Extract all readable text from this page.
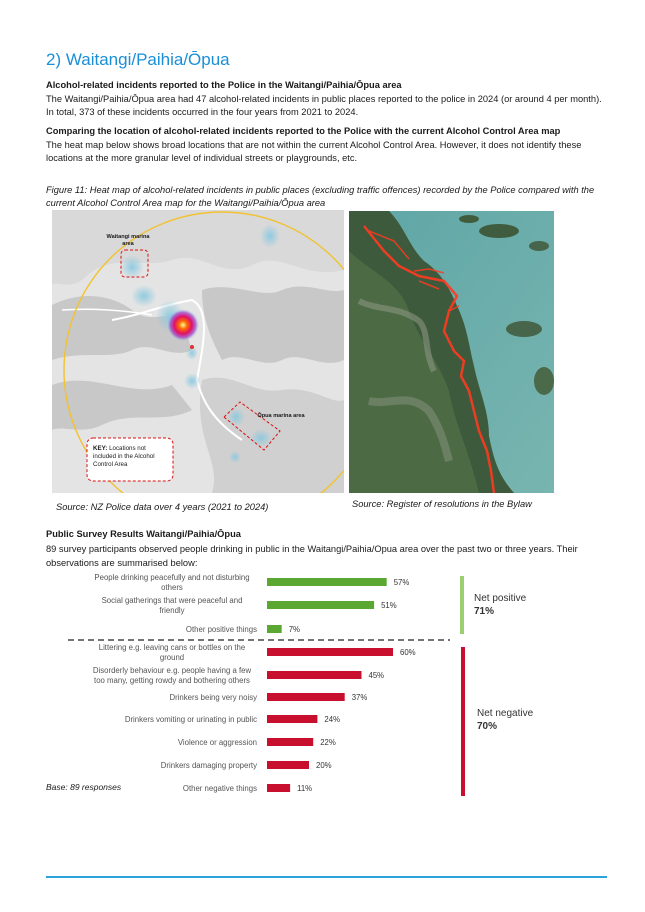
2) Waitangi/Paihia/Ōpua
Alcohol-related incidents reported to the Police in the Waitangi/Paihia/Ōpua area
The Waitangi/Paihia/Ōpua area had 47 alcohol-related incidents in public places reported to the police in 2024 (or around 4 per month). In total, 373 of these incidents occurred in the four years from 2021 to 2024.
Comparing the location of alcohol-related incidents reported to the Police with the current Alcohol Control Area map
The heat map below shows broad locations that are not within the current Alcohol Control Area. However, it does not identify these locations at the more granular level of individual streets or playgrounds, etc.
Figure 11: Heat map of alcohol-related incidents in public places (excluding traffic offences) recorded by the Police compared with the current Alcohol Control Area map for the Waitangi/Paihia/Ōpua area
Waitangi marina area
Ōpua marina area
KEY: Locations not included in the Alcohol Control Area
Source: NZ Police data over 4 years (2021 to 2024)	Source: Register of resolutions in the Bylaw
Public Survey Results Waitangi/Paihia/Ōpua
89 survey participants observed people drinking in public in the Waitangi/Paihia/Opua area over the past two or three years. Their observations are summarised below:
57%
People drinking peacefully and not disturbing
others
51%
Social gatherings that were peaceful and
friendly
7%
Other positive things
60%
Littering e.g. leaving cans or bottles on the
ground
45%
Disorderly behaviour e.g. people having a few
too many, getting rowdy and bothering others
37%
Drinkers being very noisy
24%
Drinkers vomiting or urinating in public
22%
Violence or aggression
20%
Drinkers damaging property
11%
Other negative things
Net positive
71%
Net negative
70%
Base: 89 responses
